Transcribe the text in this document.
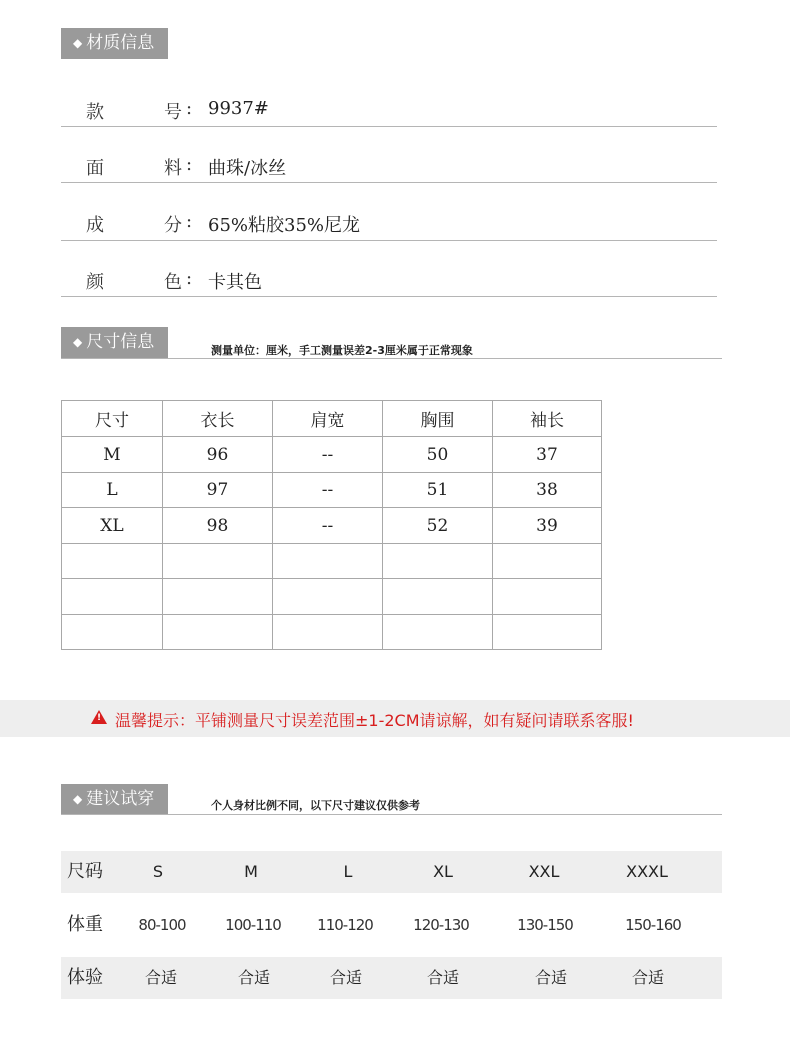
◆ 材质信息
款	号 : 9937#
面	料 : 曲珠/冰丝
成	分 : 65%粘胶35%尼龙
颜	色 : 卡其色
◆ 尺寸信息	测量单位：厘米，手工测量误差2-3厘米属于正常现象
尺寸	衣长	肩宽	胸围	袖长
M	96	--	50	37
L	97	--	51	38
XL	98	--	52	39

!
温馨提示：平铺测量尺寸误差范围±1-2CM请谅解，如有疑问请联系客服!
◆ 建议试穿	个人身材比例不同，以下尺寸建议仅供参考
尺码	S	M	L	XL	XXL	XXXL
体重 80-100	100-110 110-120	120-130	130-150	150-160
体验	合适	合适	合适	合适	合适	合适
